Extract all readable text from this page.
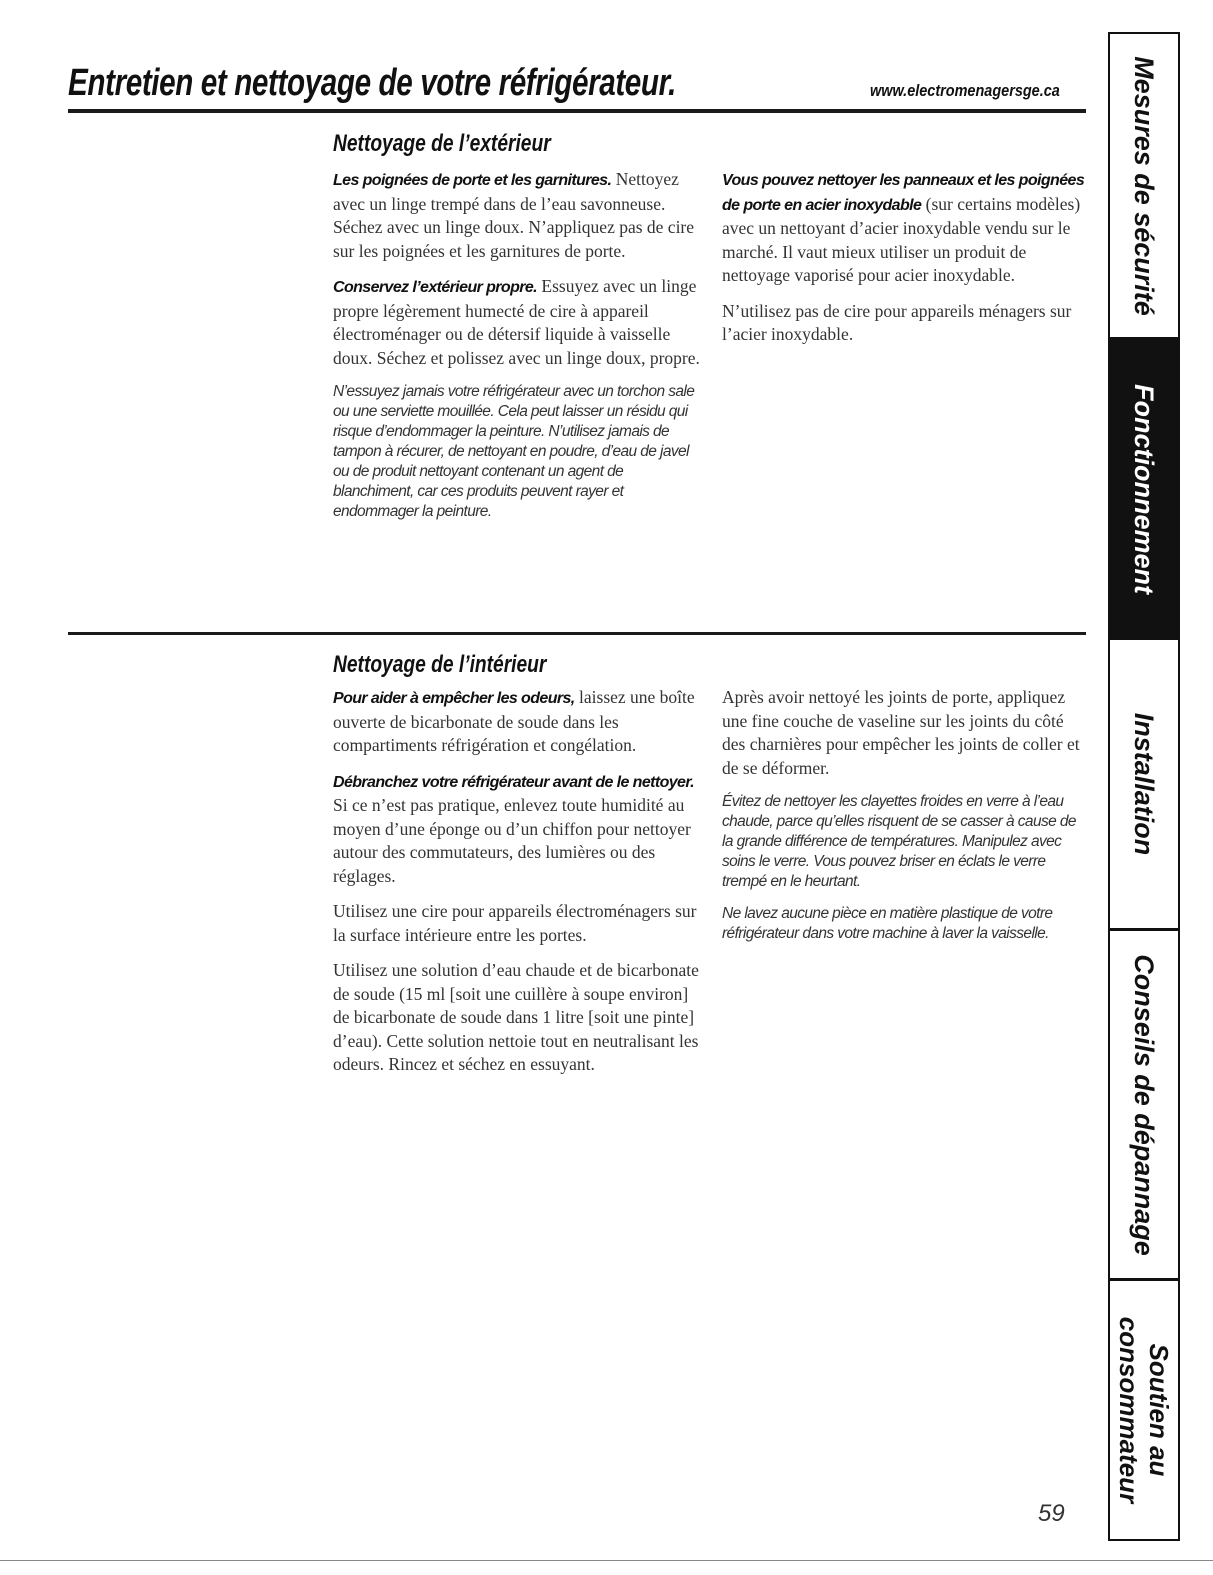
Entretien et nettoyage de votre réfrigérateur.	www.electromenagersge.ca
Nettoyage de l’extérieur

Les poignées de porte et les garnitures. Nettoyez avec un linge trempé dans de l’eau savonneuse. Séchez avec un linge doux. N’appliquez pas de cire sur les poignées et les garnitures de porte.

Conservez l’extérieur propre. Essuyez avec un linge propre légèrement humecté de cire à appareil électroménager ou de détersif liquide à vaisselle doux. Séchez et polissez avec un linge doux, propre.

N’essuyez jamais votre réfrigérateur avec un torchon sale ou une serviette mouillée. Cela peut laisser un résidu qui risque d’endommager la peinture. N’utilisez jamais de tampon à récurer, de nettoyant en poudre, d’eau de javel ou de produit nettoyant contenant un agent de blanchiment, car ces produits peuvent rayer et endommager la peinture.

Vous pouvez nettoyer les panneaux et les poignées de porte en acier inoxydable (sur certains modèles) avec un nettoyant d’acier inoxydable vendu sur le marché. Il vaut mieux utiliser un produit de nettoyage vaporisé pour acier inoxydable.

N’utilisez pas de cire pour appareils ménagers sur l’acier inoxydable.

Nettoyage de l’intérieur

Pour aider à empêcher les odeurs, laissez une boîte ouverte de bicarbonate de soude dans les compartiments réfrigération et congélation.

Débranchez votre réfrigérateur avant de le nettoyer. Si ce n’est pas pratique, enlevez toute humidité au moyen d’une éponge ou d’un chiffon pour nettoyer autour des commutateurs, des lumières ou des réglages.

Utilisez une cire pour appareils électroménagers sur la surface intérieure entre les portes.

Utilisez une solution d’eau chaude et de bicarbonate de soude (15 ml [soit une cuillère à soupe environ] de bicarbonate de soude dans 1 litre [soit une pinte] d’eau). Cette solution nettoie tout en neutralisant les odeurs. Rincez et séchez en essuyant.

Après avoir nettoyé les joints de porte, appliquez une fine couche de vaseline sur les joints du côté des charnières pour empêcher les joints de coller et de se déformer.

Évitez de nettoyer les clayettes froides en verre à l’eau chaude, parce qu’elles risquent de se casser à cause de la grande différence de températures. Manipulez avec soins le verre. Vous pouvez briser en éclats le verre trempé en le heurtant.

Ne lavez aucune pièce en matière plastique de votre réfrigérateur dans votre machine à laver la vaisselle.

Mesures de sécurité
Fonctionnement
Installation
Conseils de dépannage
Soutien au
consommateur
59
